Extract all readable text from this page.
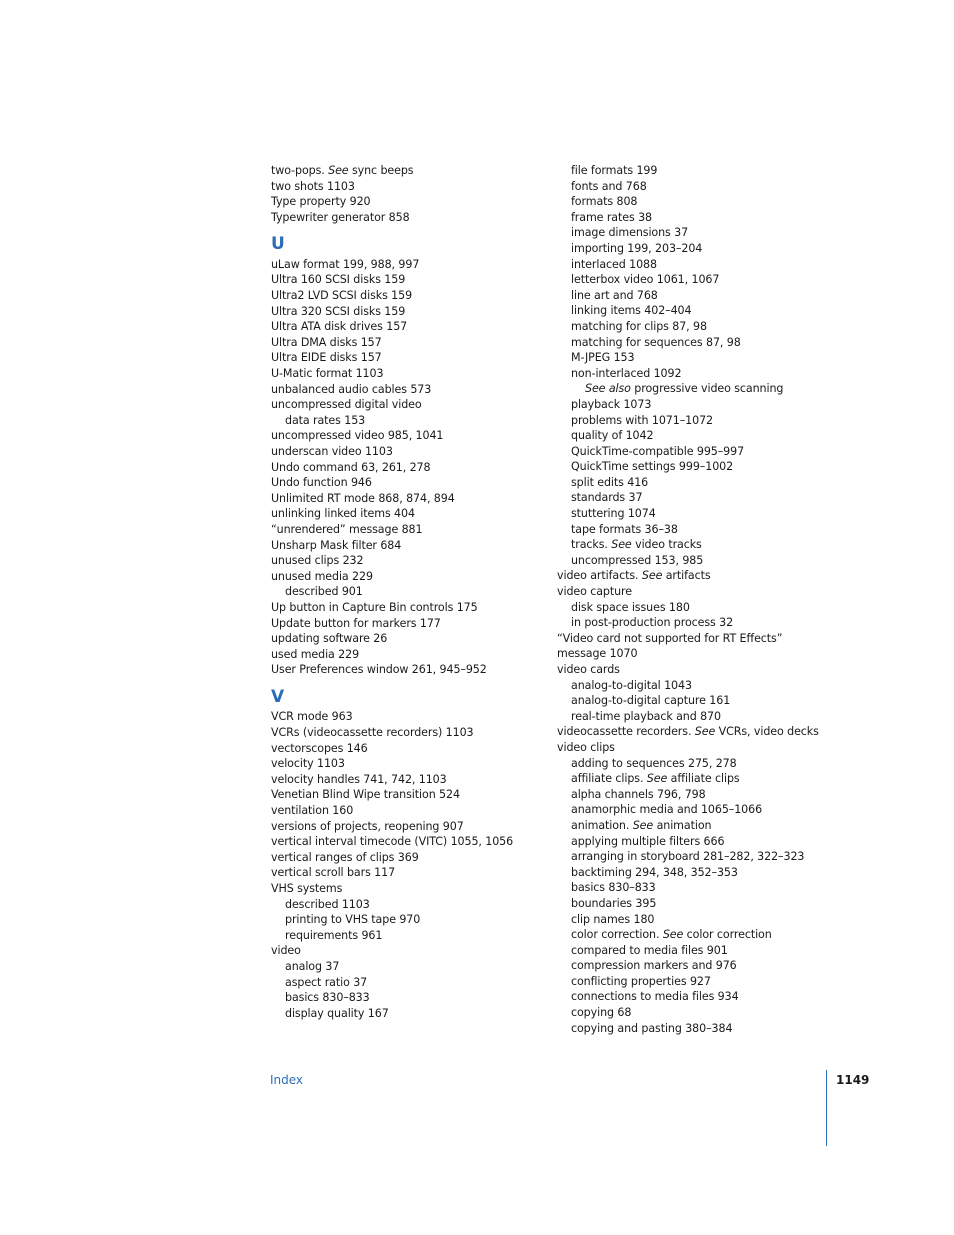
two-pops. See sync beeps
two shots 1103
Type property 920
Typewriter generator 858
U
uLaw format 199, 988, 997
Ultra 160 SCSI disks 159
Ultra2 LVD SCSI disks 159
Ultra 320 SCSI disks 159
Ultra ATA disk drives 157
Ultra DMA disks 157
Ultra EIDE disks 157
U-Matic format 1103
unbalanced audio cables 573
uncompressed digital video
data rates 153
uncompressed video 985, 1041
underscan video 1103
Undo command 63, 261, 278
Undo function 946
Unlimited RT mode 868, 874, 894
unlinking linked items 404
“unrendered” message 881
Unsharp Mask filter 684
unused clips 232
unused media 229
described 901
Up button in Capture Bin controls 175
Update button for markers 177
updating software 26
used media 229
User Preferences window 261, 945–952
V
VCR mode 963
VCRs (videocassette recorders) 1103
vectorscopes 146
velocity 1103
velocity handles 741, 742, 1103
Venetian Blind Wipe transition 524
ventilation 160
versions of projects, reopening 907
vertical interval timecode (VITC) 1055, 1056
vertical ranges of clips 369
vertical scroll bars 117
VHS systems
described 1103
printing to VHS tape 970
requirements 961
video
analog 37
aspect ratio 37
basics 830–833
display quality 167
file formats 199
fonts and 768
formats 808
frame rates 38
image dimensions 37
importing 199, 203–204
interlaced 1088
letterbox video 1061, 1067
line art and 768
linking items 402–404
matching for clips 87, 98
matching for sequences 87, 98
M-JPEG 153
non-interlaced 1092
See also progressive video scanning
playback 1073
problems with 1071–1072
quality of 1042
QuickTime-compatible 995–997
QuickTime settings 999–1002
split edits 416
standards 37
stuttering 1074
tape formats 36–38
tracks. See video tracks
uncompressed 153, 985
video artifacts. See artifacts
video capture
disk space issues 180
in post-production process 32
“Video card not supported for RT Effects”
message 1070
video cards
analog-to-digital 1043
analog-to-digital capture 161
real-time playback and 870
videocassette recorders. See VCRs, video decks
video clips
adding to sequences 275, 278
affiliate clips. See affiliate clips
alpha channels 796, 798
anamorphic media and 1065–1066
animation. See animation
applying multiple filters 666
arranging in storyboard 281–282, 322–323
backtiming 294, 348, 352–353
basics 830–833
boundaries 395
clip names 180
color correction. See color correction
compared to media files 901
compression markers and 976
conflicting properties 927
connections to media files 934
copying 68
copying and pasting 380–384
Index	1149
